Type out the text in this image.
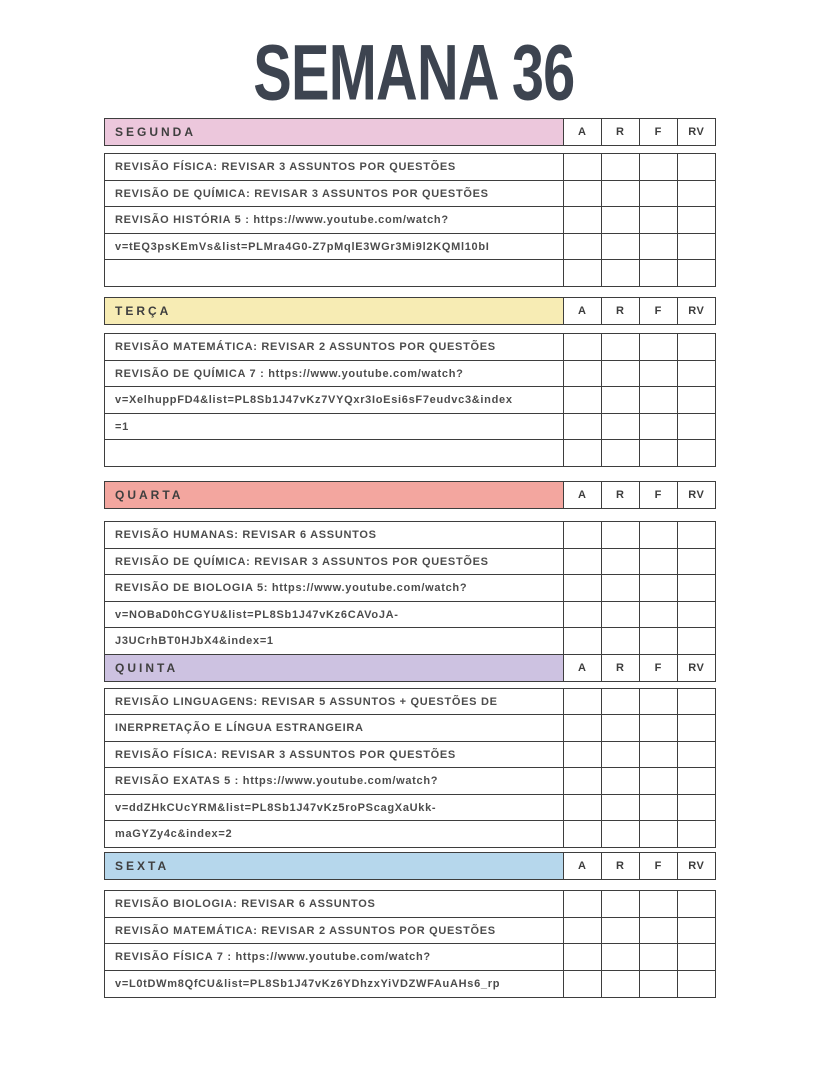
SEMANA 36
SEGUNDA	A	R	F	RV
REVISÃO FÍSICA: REVISAR 3 ASSUNTOS POR QUESTÕES
REVISÃO DE QUÍMICA: REVISAR 3 ASSUNTOS POR QUESTÕES
REVISÃO HISTÓRIA 5 : https://www.youtube.com/watch?
v=tEQ3psKEmVs&list=PLMra4G0-Z7pMqlE3WGr3Mi9l2KQMl10bI
TERÇA	A	R	F	RV
REVISÃO MATEMÁTICA: REVISAR 2 ASSUNTOS POR QUESTÕES
REVISÃO DE QUÍMICA 7 : https://www.youtube.com/watch?
v=XelhuppFD4&list=PL8Sb1J47vKz7VYQxr3IoEsi6sF7eudvc3&index
=1
QUARTA	A	R	F	RV
REVISÃO HUMANAS: REVISAR 6 ASSUNTOS
REVISÃO DE QUÍMICA: REVISAR 3 ASSUNTOS POR QUESTÕES
REVISÃO DE BIOLOGIA 5: https://www.youtube.com/watch?
v=NOBaD0hCGYU&list=PL8Sb1J47vKz6CAVoJA-
J3UCrhBT0HJbX4&index=1
QUINTA	A	R	F	RV
REVISÃO LINGUAGENS: REVISAR 5 ASSUNTOS + QUESTÕES DE
INERPRETAÇÃO E LÍNGUA ESTRANGEIRA
REVISÃO FÍSICA: REVISAR 3 ASSUNTOS POR QUESTÕES
REVISÃO EXATAS 5 : https://www.youtube.com/watch?
v=ddZHkCUcYRM&list=PL8Sb1J47vKz5roPScagXaUkk-
maGYZy4c&index=2
SEXTA	A	R	F	RV
REVISÃO BIOLOGIA: REVISAR 6 ASSUNTOS
REVISÃO MATEMÁTICA: REVISAR 2 ASSUNTOS POR QUESTÕES
REVISÃO FÍSICA 7 : https://www.youtube.com/watch?
v=L0tDWm8QfCU&list=PL8Sb1J47vKz6YDhzxYiVDZWFAuAHs6_rp
